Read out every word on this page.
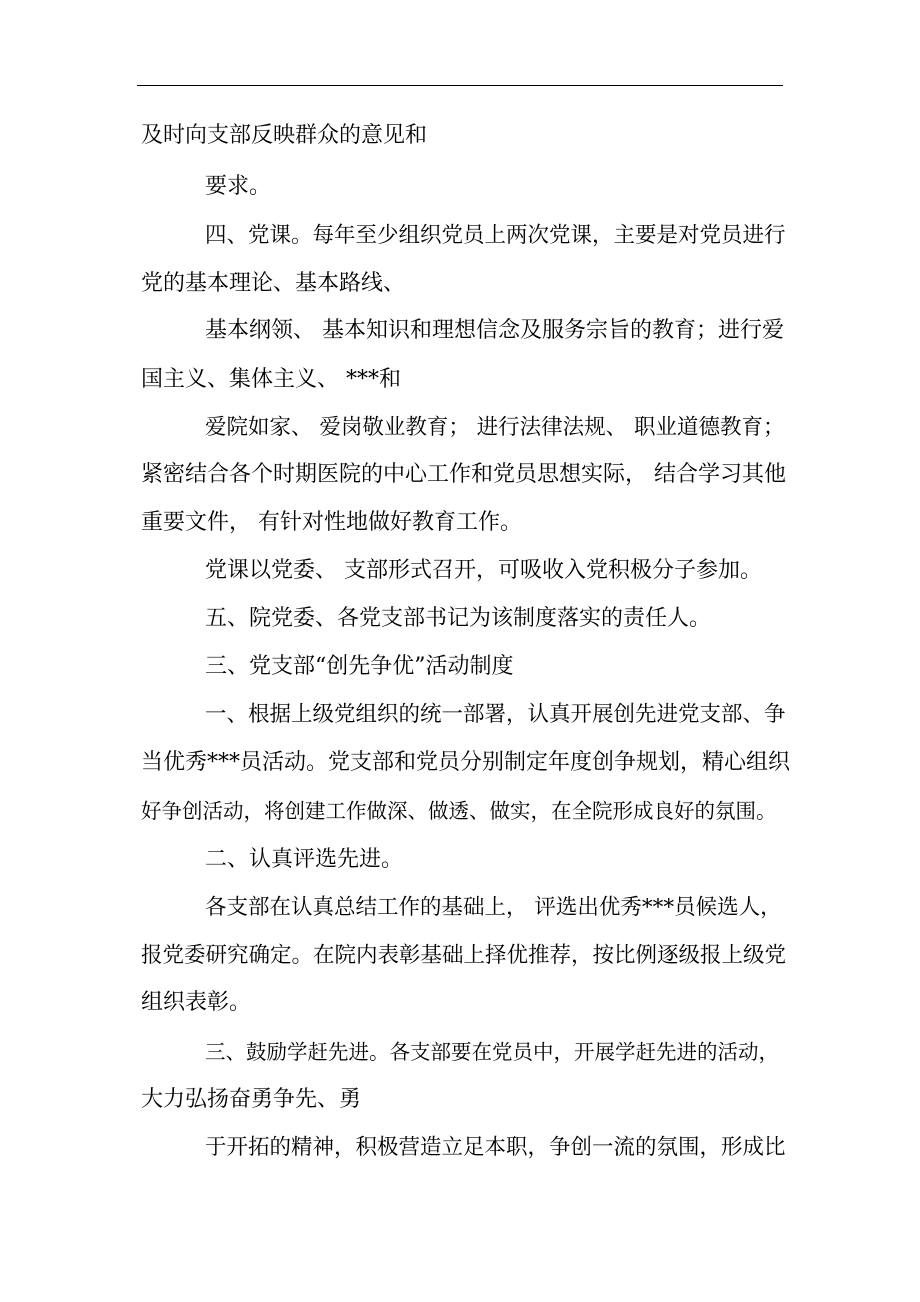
及时向支部反映群众的意见和
要求。
四、党课。每年至少组织党员上两次党课，主要是对党员进行
党的基本理论、基本路线、
基本纲领、 基本知识和理想信念及服务宗旨的教育；进行爱
国主义、集体主义、 ***和
爱院如家、 爱岗敬业教育； 进行法律法规、 职业道德教育；
紧密结合各个时期医院的中心工作和党员思想实际， 结合学习其他
重要文件， 有针对性地做好教育工作。
党课以党委、 支部形式召开，可吸收入党积极分子参加。
五、院党委、各党支部书记为该制度落实的责任人。
三、党支部“创先争优”活动制度
一、根据上级党组织的统一部署，认真开展创先进党支部、争
当优秀***员活动。党支部和党员分别制定年度创争规划，精心组织
好争创活动，将创建工作做深、做透、做实，在全院形成良好的氛围。
二、认真评选先进。
各支部在认真总结工作的基础上， 评选出优秀***员候选人，
报党委研究确定。在院内表彰基础上择优推荐，按比例逐级报上级党
组织表彰。
三、鼓励学赶先进。各支部要在党员中，开展学赶先进的活动，
大力弘扬奋勇争先、勇
于开拓的精神，积极营造立足本职，争创一流的氛围，形成比
